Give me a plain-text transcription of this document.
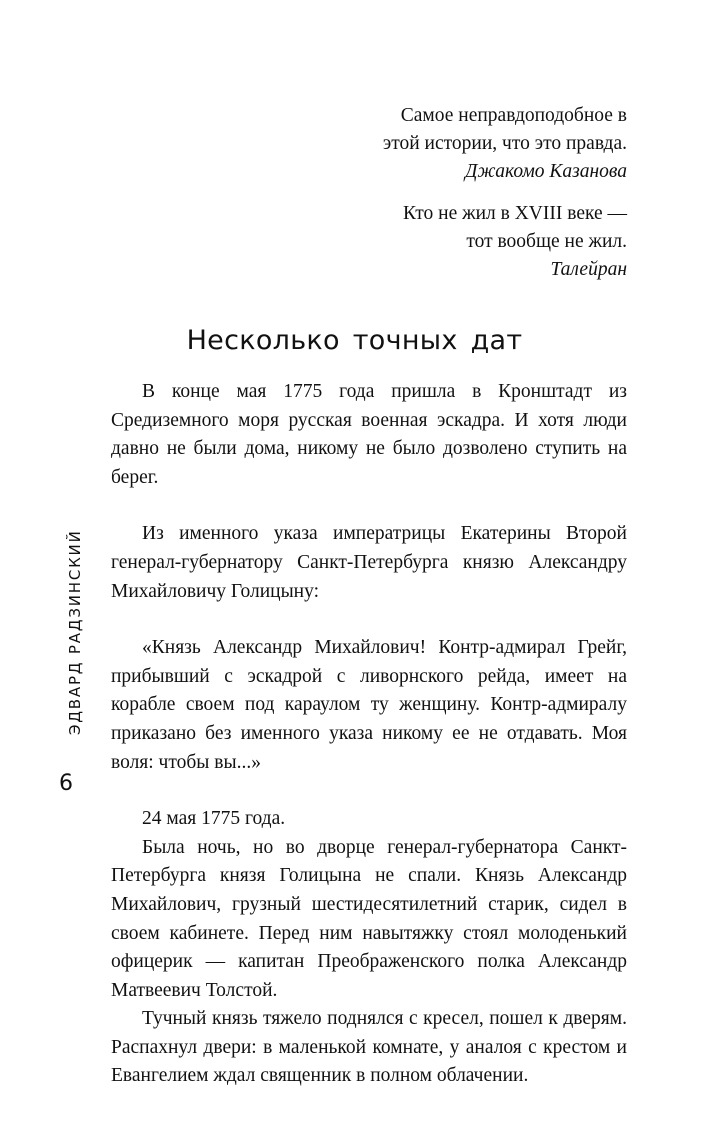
Самое неправдоподобное в
этой истории, что это правда.
Джакомо Казанова
Кто не жил в XVIII веке —
тот вообще не жил.
Талейран
Несколько точных дат

В конце мая 1775 года пришла в Кронштадт из Средиземного моря русская военная эскадра. И хотя люди давно не были дома, никому не было дозволено ступить на берег.

Из именного указа императрицы Екатерины Второй генерал-губернатору Санкт-Петербурга князю Александру Михайловичу Голицыну:

«Князь Александр Михайлович! Контр-адмирал Грейг, прибывший с эскадрой с ливорнского рейда, имеет на корабле своем под караулом ту женщину. Контр-адмиралу приказано без именного указа никому ее не отдавать. Моя воля: чтобы вы...»

24 мая 1775 года.

Была ночь, но во дворце генерал-губернатора Санкт-Петербурга князя Голицына не спали. Князь Александр Михайлович, грузный шестидесятилетний старик, сидел в своем кабинете. Перед ним навытяжку стоял молоденький офицерик — капитан Преображенского полка Александр Матвеевич Толстой.

Тучный князь тяжело поднялся с кресел, пошел к дверям. Распахнул двери: в маленькой комнате, у аналоя с крестом и Евангелием ждал священник в полном облачении.

ЭДВАРД РАДЗИНСКИЙ
6
